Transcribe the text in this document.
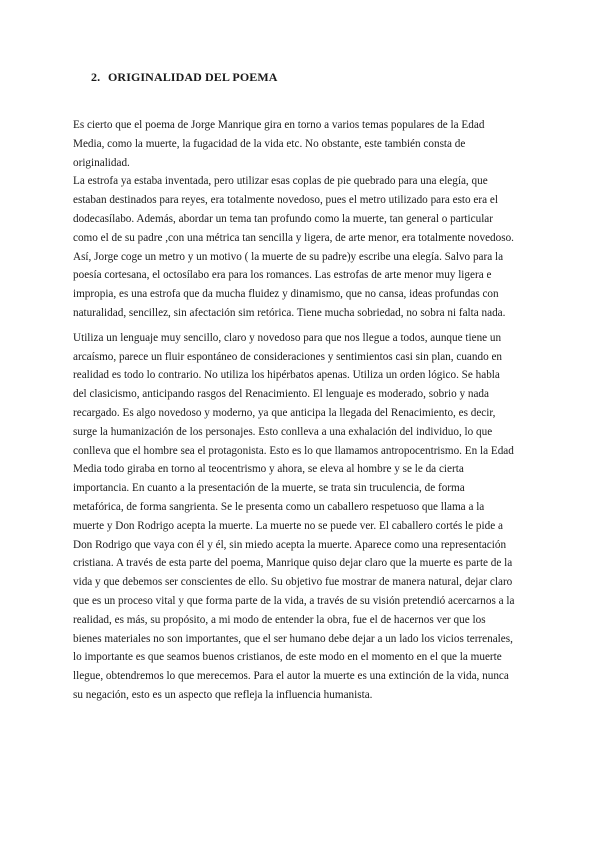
2. ORIGINALIDAD DEL POEMA

Es cierto que el poema de Jorge Manrique gira en torno a varios temas populares de la Edad Media, como la muerte, la fugacidad de la vida etc. No obstante, este también consta de originalidad.

La estrofa ya estaba inventada, pero utilizar esas coplas de pie quebrado para una elegía, que estaban destinados para reyes, era totalmente novedoso, pues el metro utilizado para esto era el dodecasílabo. Además, abordar un tema tan profundo como la muerte, tan general o particular como el de su padre ,con una métrica tan sencilla y ligera, de arte menor, era totalmente novedoso. Así, Jorge coge un metro y un motivo ( la muerte de su padre)y escribe una elegía. Salvo para la poesía cortesana, el octosílabo era para los romances. Las estrofas de arte menor muy ligera e impropia, es una estrofa que da mucha fluidez y dinamismo, que no cansa, ideas profundas con naturalidad, sencillez, sin afectación sim retórica. Tiene mucha sobriedad, no sobra ni falta nada.

Utiliza un lenguaje muy sencillo, claro y novedoso para que nos llegue a todos, aunque tiene un arcaísmo, parece un fluir espontáneo de consideraciones y sentimientos casi sin plan, cuando en realidad es todo lo contrario. No utiliza los hipérbatos apenas. Utiliza un orden lógico. Se habla del clasicismo, anticipando rasgos del Renacimiento. El lenguaje es moderado, sobrio y nada recargado. Es algo novedoso y moderno, ya que anticipa la llegada del Renacimiento, es decir, surge la humanización de los personajes. Esto conlleva a una exhalación del individuo, lo que conlleva que el hombre sea el protagonista. Esto es lo que llamamos antropocentrismo. En la Edad Media todo giraba en torno al teocentrismo y ahora, se eleva al hombre y se le da cierta importancia. En cuanto a la presentación de la muerte, se trata sin truculencia, de forma metafórica, de forma sangrienta. Se le presenta como un caballero respetuoso que llama a la muerte y Don Rodrigo acepta la muerte. La muerte no se puede ver. El caballero cortés le pide a Don Rodrigo que vaya con él y él, sin miedo acepta la muerte. Aparece como una representación cristiana. A través de esta parte del poema, Manrique quiso dejar claro que la muerte es parte de la vida y que debemos ser conscientes de ello. Su objetivo fue mostrar de manera natural, dejar claro que es un proceso vital y que forma parte de la vida, a través de su visión pretendió acercarnos a la realidad, es más, su propósito, a mi modo de entender la obra, fue el de hacernos ver que los bienes materiales no son importantes, que el ser humano debe dejar a un lado los vicios terrenales, lo importante es que seamos buenos cristianos, de este modo en el momento en el que la muerte llegue, obtendremos lo que merecemos. Para el autor la muerte es una extinción de la vida, nunca su negación, esto es un aspecto que refleja la influencia humanista.
